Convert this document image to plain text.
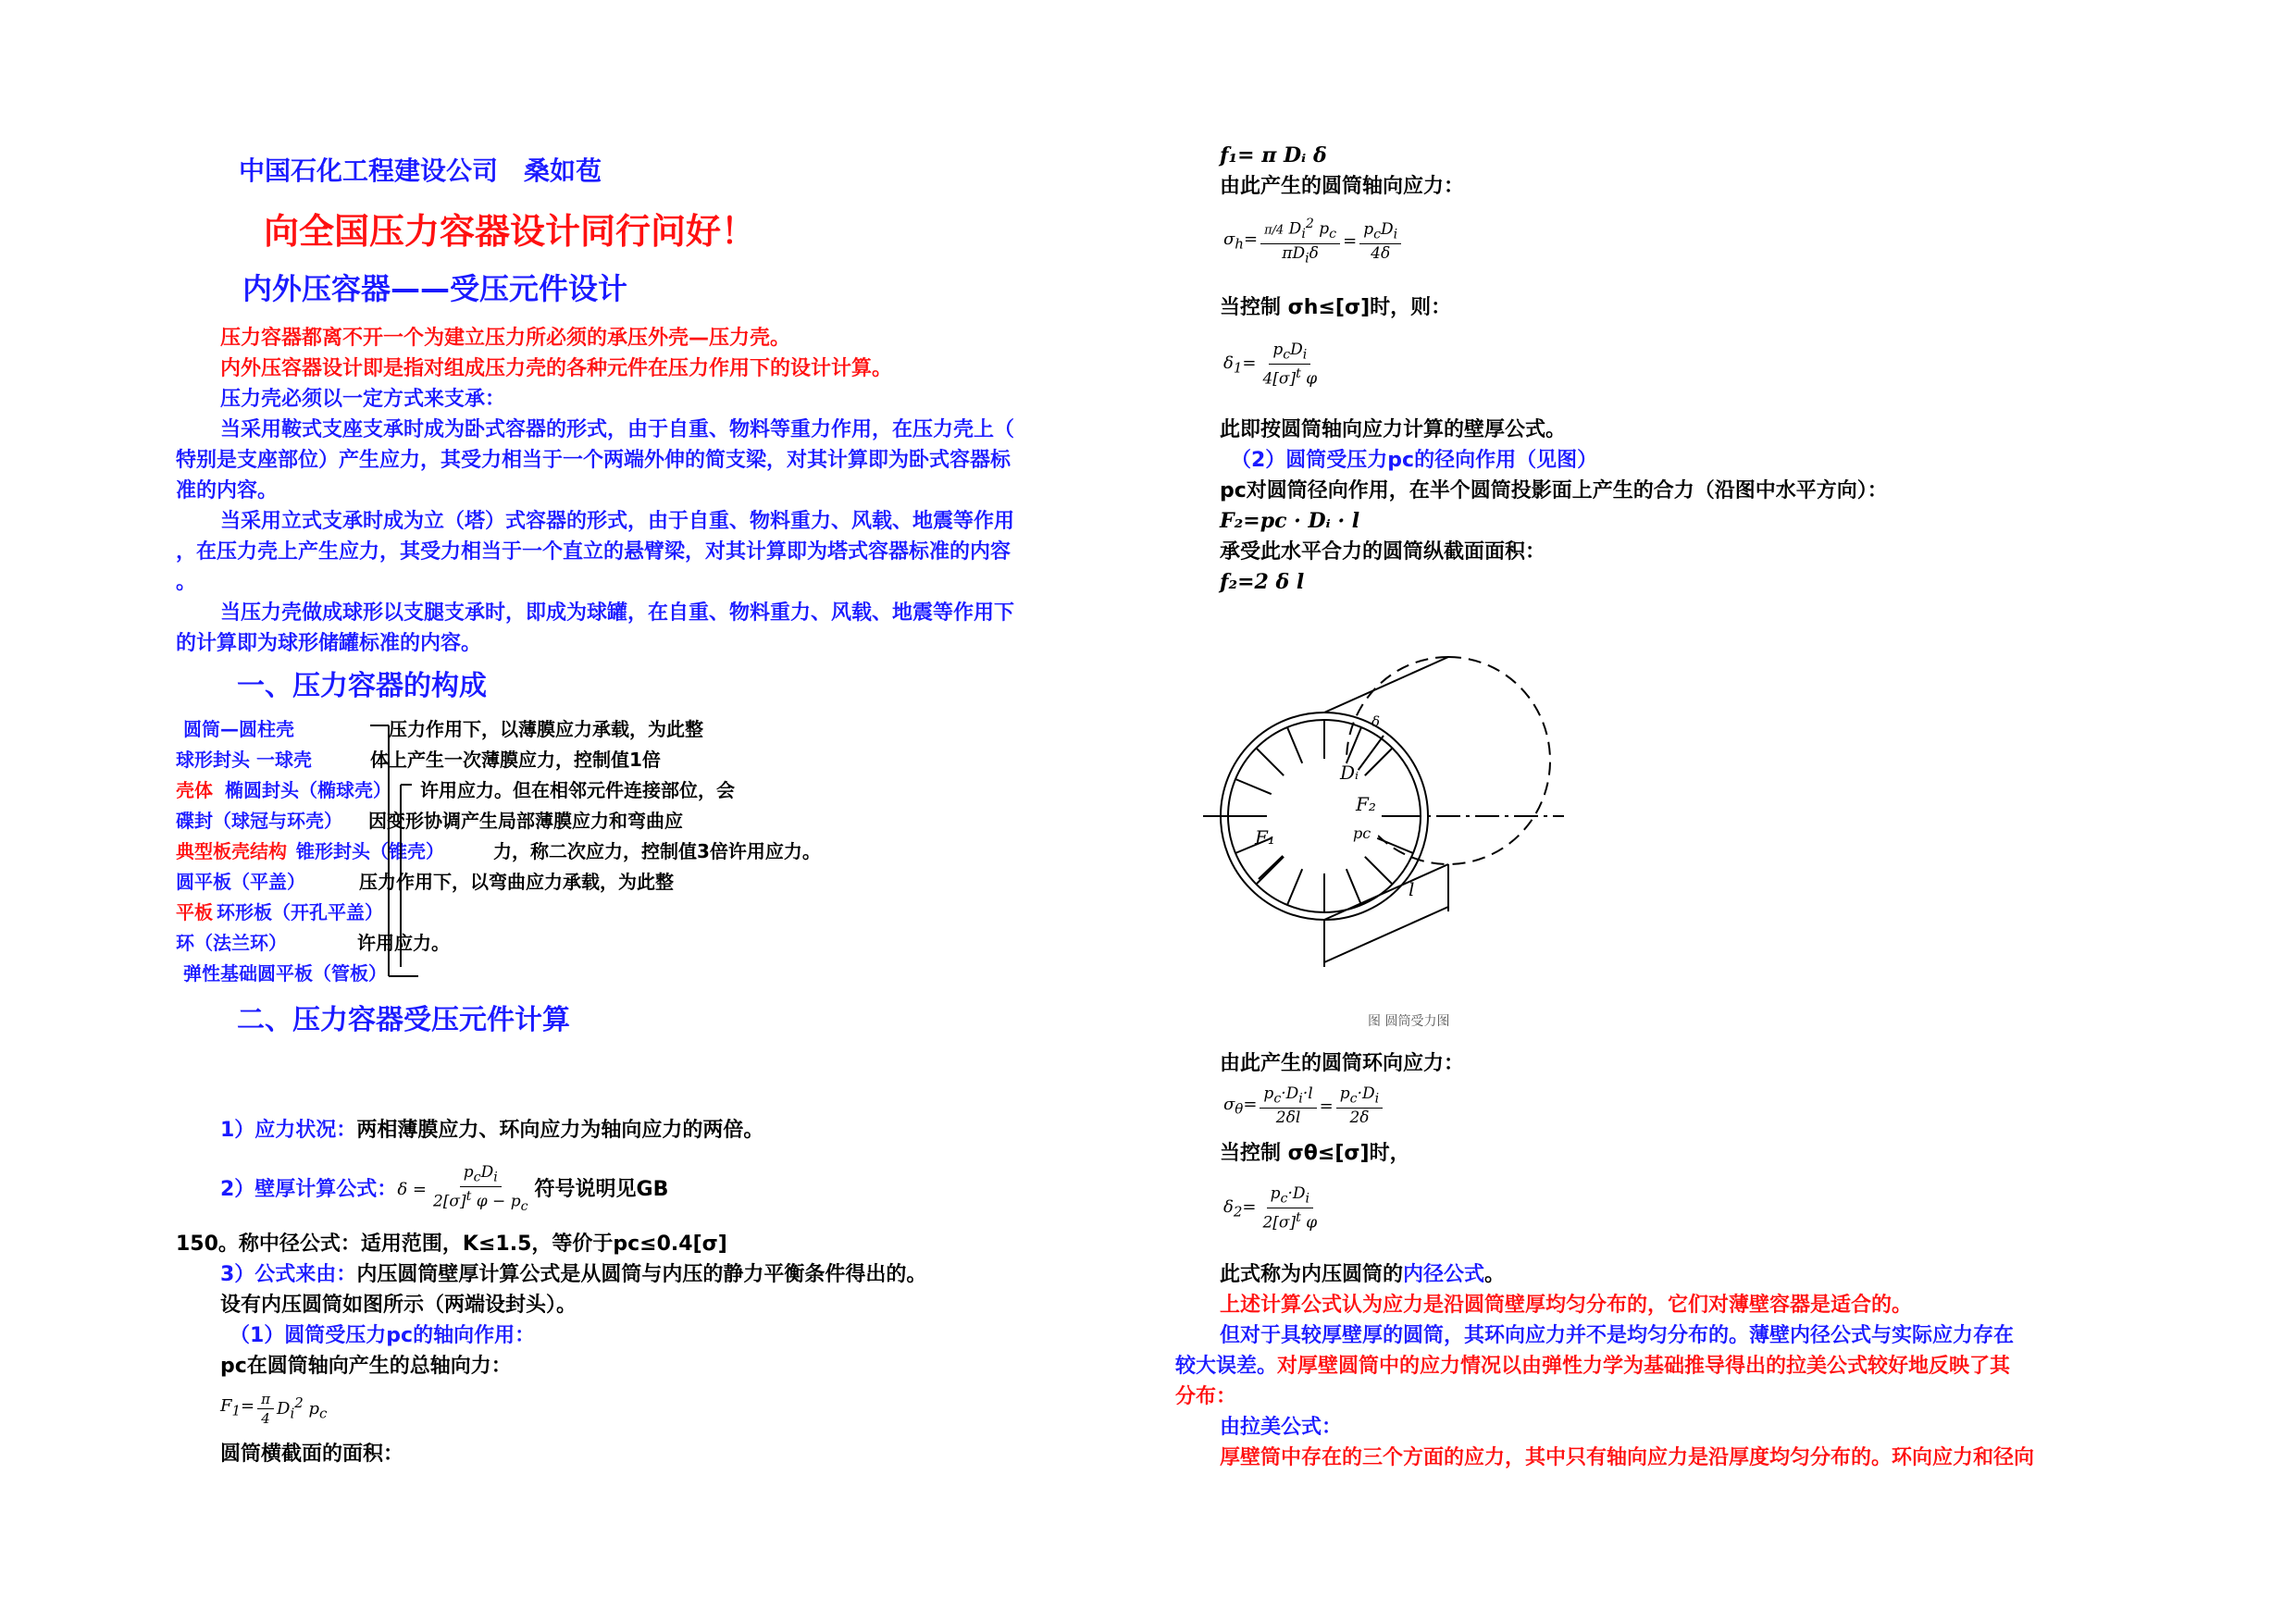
中国石化工程建设公司　桑如苞
向全国压力容器设计同行问好！
内外压容器——受压元件设计
压力容器都离不开一个为建立压力所必须的承压外壳—压力壳。
内外压容器设计即是指对组成压力壳的各种元件在压力作用下的设计计算。
压力壳必须以一定方式来支承：
当采用鞍式支座支承时成为卧式容器的形式，由于自重、物料等重力作用，在压力壳上（
特别是支座部位）产生应力，其受力相当于一个两端外伸的简支梁，对其计算即为卧式容器标
准的内容。
当采用立式支承时成为立（塔）式容器的形式，由于自重、物料重力、风载、地震等作用
，在压力壳上产生应力，其受力相当于一个直立的悬臂梁，对其计算即为塔式容器标准的内容
。
当压力壳做成球形以支腿支承时，即成为球罐，在自重、物料重力、风载、地震等作用下
的计算即为球形储罐标准的内容。
一、压力容器的构成
圆筒—圆柱壳
球形封头 一球壳
壳体 椭圆封头（椭球壳）
碟封（球冠与环壳）
典型板壳结构 锥形封头（锥壳）
圆平板（平盖）
平板 环形板（开孔平盖）
环（法兰环）
弹性基础圆平板（管板）
压力作用下，以薄膜应力承载，为此整
体上产生一次薄膜应力，控制值1倍
许用应力。但在相邻元件连接部位，会
因变形协调产生局部薄膜应力和弯曲应
力，称二次应力，控制值3倍许用应力。
压力作用下，以弯曲应力承载，为此整
许用应力。
二、压力容器受压元件计算
1）应力状况：两相薄膜应力、环向应力为轴向应力的两倍。
2）壁厚计算公式： $\delta = \frac{p_cD_i}{2[\sigma]^t \varphi - p_c}$ 符号说明见GB
150。称中径公式：适用范围，K≤1.5，等价于pc≤0.4[σ]
3）公式来由：内压圆筒壁厚计算公式是从圆筒与内压的静力平衡条件得出的。
设有内压圆筒如图所示（两端设封头）。
（1）圆筒受压力pc的轴向作用：
pc在圆筒轴向产生的总轴向力：
$F_1= \frac{\pi}{4} D_i^2$ $p_c$
圆筒横截面的面积：
f₁= π Dᵢ δ
由此产生的圆筒轴向应力：
$\sigma_h= \frac{\pi/4 D_i^2 p_c}{\pi D_i\delta} = \frac{p_cD_i}{4\delta}$
当控制 σh≤[σ]时，则：
$\delta_1= \frac{p_cD_i}{4[\sigma]^t \varphi}$
此即按圆筒轴向应力计算的壁厚公式。
（2）圆筒受压力pc的径向作用（见图）
pc对圆筒径向作用，在半个圆筒投影面上产生的合力（沿图中水平方向）：
F₂=pc · Dᵢ · l
承受此水平合力的圆筒纵截面面积：
f₂=2 δ l
Dᵢ
δ
F₁
F₂
pc
l
图 圆筒受力图
由此产生的圆筒环向应力：
$\sigma_\theta= \frac{p_c\cdot D_i\cdot l}{2\delta l} = \frac{p_c\cdot D_i}{2\delta}$
当控制 σθ≤[σ]时，
$\delta_2= \frac{p_c\cdot D_i}{2[\sigma]^t \varphi}$
此式称为内压圆筒的内径公式。
上述计算公式认为应力是沿圆筒壁厚均匀分布的，它们对薄壁容器是适合的。
但对于具较厚壁厚的圆筒，其环向应力并不是均匀分布的。薄壁内径公式与实际应力存在
较大误差。对厚壁圆筒中的应力情况以由弹性力学为基础推导得出的拉美公式较好地反映了其
分布：
由拉美公式：
厚壁筒中存在的三个方面的应力，其中只有轴向应力是沿厚度均匀分布的。环向应力和径向
